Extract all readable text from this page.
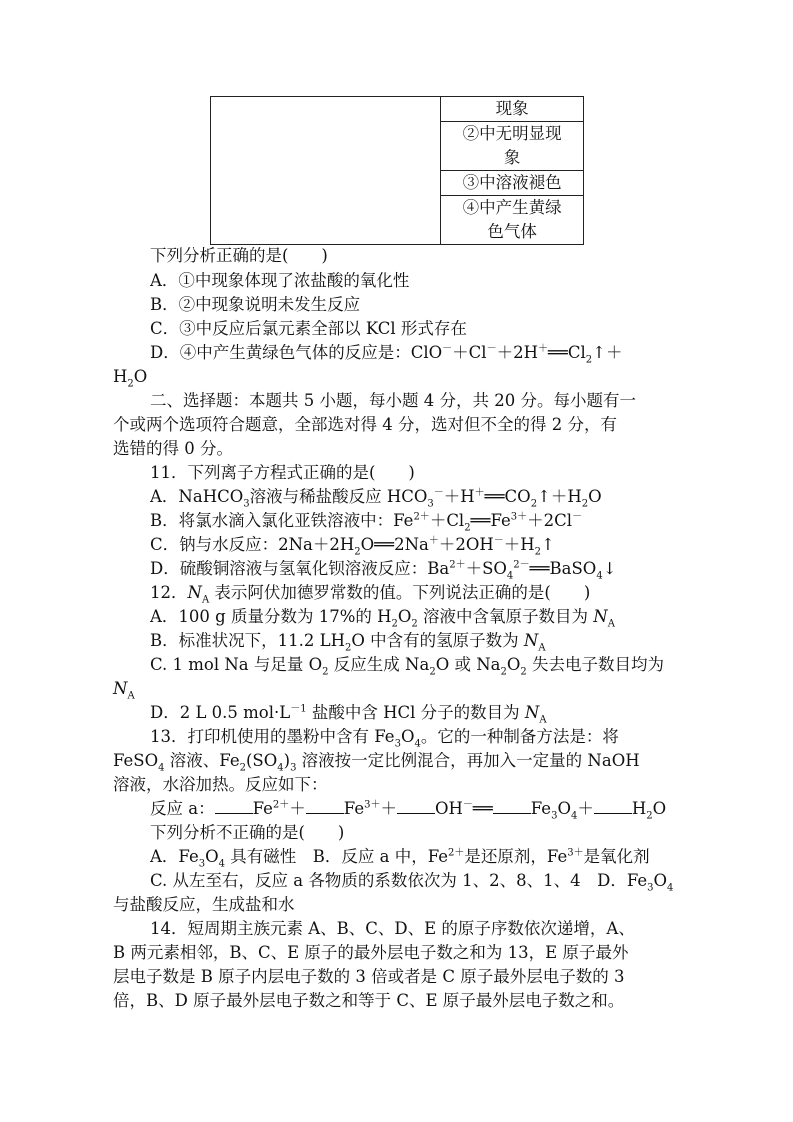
	现象
②中无明显现
象
③中溶液褪色
④中产生黄绿
色气体
下列分析正确的是(　　)
A．①中现象体现了浓盐酸的氧化性
B．②中现象说明未发生反应
C．③中反应后氯元素全部以 KCl 形式存在
D．④中产生黄绿色气体的反应是：$ClO^-+Cl^-+2H^+══Cl_2↑+$
$H_2O$
二、选择题：本题共 5 小题，每小题 4 分，共 20 分。每小题有一
个或两个选项符合题意，全部选对得 4 分，选对但不全的得 2 分，有
选错的得 0 分。
11．下列离子方程式正确的是(　　)
A．NaHCO$_3$溶液与稀盐酸反应 $HCO_3^-+H^+══CO_2↑+H_2O$
B．将氯水滴入氯化亚铁溶液中：$Fe^{2+}+Cl_2══Fe^{3+}+2Cl^-$
C．钠与水反应：$2Na+2H_2O══2Na^++2OH^-+H_2↑$
D．硫酸铜溶液与氢氧化钡溶液反应：$Ba^{2+}+SO_4^{2-}══BaSO_4↓$
12．$N_A$ 表示阿伏加德罗常数的值。下列说法正确的是(　　)
A．100 g 质量分数为 17%的 $H_2O_2$ 溶液中含氧原子数目为 $N_A$
B．标准状况下，11.2 $LH_2O$ 中含有的氢原子数为 $N_A$
C. 1 mol Na 与足量 $O_2$ 反应生成 $Na_2O$ 或 $Na_2O_2$ 失去电子数目均为
$N_A$
D．2 L 0.5 $mol\cdot L^{-1}$ 盐酸中含 HCl 分子的数目为 $N_A$
13．打印机使用的墨粉中含有 $Fe_3O_4$。它的一种制备方法是：将
FeSO$_4$ 溶液、$Fe_2(SO_4)_3$ 溶液按一定比例混合，再加入一定量的 NaOH
溶液，水浴加热。反应如下：
反应 a： $Fe^{2+}+ Fe^{3+}+$ OH－══ $Fe_3O_4+ H_2O$
下列分析不正确的是(　　)
A．$Fe_3O_4$ 具有磁性　B．反应 a 中，$Fe^{2+}$是还原剂，$Fe^{3+}$是氧化剂
C. 从左至右，反应 a 各物质的系数依次为 1、2、8、1、4　D．$Fe_3O_4$
与盐酸反应，生成盐和水
14．短周期主族元素 A、B、C、D、E 的原子序数依次递增，A、
B 两元素相邻，B、C、E 原子的最外层电子数之和为 13，E 原子最外
层电子数是 B 原子内层电子数的 3 倍或者是 C 原子最外层电子数的 3
倍，B、D 原子最外层电子数之和等于 C、E 原子最外层电子数之和。
